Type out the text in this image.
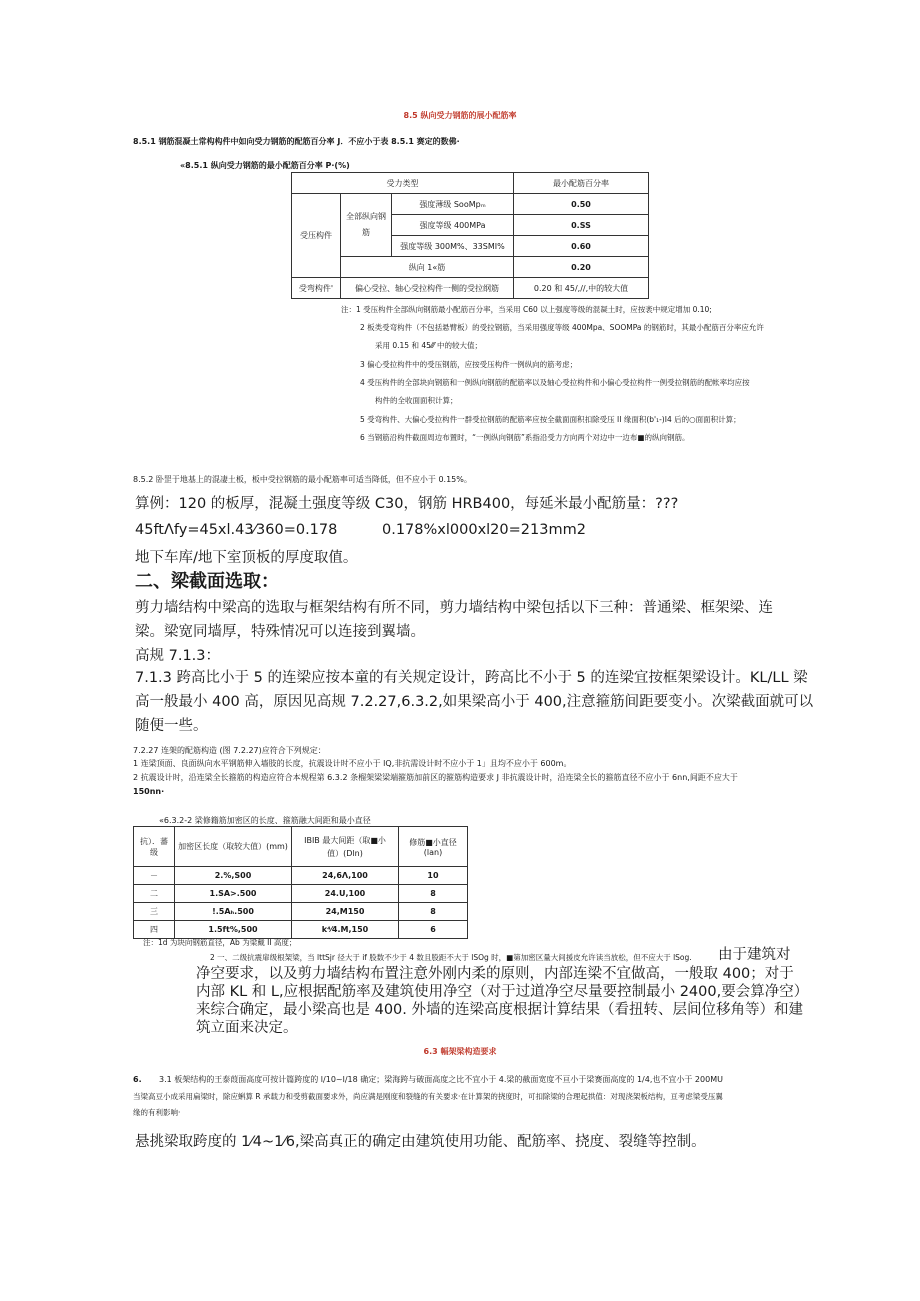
8.5 纵向受力钢筋的展小配筋率
8.5.1 钢筋混凝土常构构件中如向受力钢筋的配筋百分率 J．不应小于表 8.5.1 赛定的数佛·
«8.5.1 纵向受力钢筋的最小配筋百分率 P·(%)
受力类型			最小配筋百分率
受压构件	全部纵向钢筋	强度薄级 SooMpₘ	0.50
		强度等级 400MPa	0.SS
		强度等级 300M%、33SMI%	0.60
	纵向 1«筋		0.20
受弯构件'	偏心受拉、轴心受拉构件一侧的受拉纲筋		0.20 和 45/,//,中的较大值
注：1 受压构件全部纵向钢筋最小配筋百分率，当采用 C60 以上强度等级的混凝土时，应按袤中规定增加 0.10;
2 板类受弯构件（不包括悬臂板）的受拉钢筋，当采用强度等级 400Mpa、SOOMPa 的钢筋时，其最小配筋百分率应允许
采用 0.15 和 45⁄⁄⁄ 中的较大值；
3 偏心受拉构件中的受压钢筋，应按受压构件一例纵向的筋考虑；
4 受压构件的全部块向钢筋和一例纵向钢筋的配筋率以及轴心受拉构件和小偏心受拉构件一例受拉钢筋的配帐率均应按
构件的全收面面积计算；
5 受弯构件、大偏心受拉构件一群受拉钢筋的配筋率应按全截面面积扣除受压 II 缘面积(b'₁-)I4 后的○面面积计算；
6 当钢筋沿构件截面周边布置时，“一例纵向钢筋”系指沿受力方向两个对边中一边布■的纵向钢筋。
8.5.2 卧罡于地基上的混凄土板，板中受拉钢筋的最小配筋率可适当降低，但不应小于 0.15%。
算例：120 的板厚，混凝土强度等级 C30，钢筋 HRB400，每延米最小配筋量：???
45ftΛfy=45xl.43⁄360=0.178	0.178%xl000xl20=213mm2
地下车库/地下室顶板的厚度取值。
二、梁截面选取：
剪力墙结构中梁高的选取与框架结构有所不同，剪力墙结构中梁包括以下三种：普通梁、框架梁、连
梁。梁宽同墙厚，特殊情况可以连接到翼墙。
高规 7.1.3：
7.1.3 跨高比小于 5 的连梁应按本童的有关规定设计，跨高比不小于 5 的连梁宜按框架梁设计。KL/LL 梁
高一般最小 400 高，原因见高规 7.2.27,6.3.2,如果梁高小于 400,注意箍筋间距要变小。次梁截面就可以
随便一些。
7.2.27 连架的配筋构造 (图 7.2.27)应符合下列规定：
1 连梁顶面、良面纵向水平钢筋伸入墙肢的长度，抗震设计时不应小于 lQ,非抗需设计时不应小于 1」且均不应小于 600m。
2 抗震设计时，沿连梁全长箍筋的构造应符合本规程第 6.3.2 条榴架梁梁端箍筋加前区的箍筋构造要求 J 非抗震设计时，沿连梁全长的箍筋直径不应小于 6nn,间距不应大于
150nn·
«6.3.2-2 梁修籍筋加密区的长度、箍筋融大间距和最小直径
抗）．蕃级	加密区长度（取较大值）(mm)	IBIB 最大间距（取■小
值）(Dln)	修筋■小直径(lan)
－	2.%,S00	24,6Λ,100	10
二	1.SA>.500	24.U,100	8
三	!.5Aₕ.500	24,M150	8
四	1.5ft%,500	k⁴⁄4.M,150	6
注：1d 为块向钢筋直径，Ab 为梁戴 II 高度；
2 一、二级抗震扉级根架梁，当 lttSjr 径大于 if 股数不少于 4 数且股距不大于 lSOg 时，■第加密区量大间援皮允许读当放松，但不应大于 lSog. 由于建筑对
净空要求，以及剪力墙结构布置注意外刚内柔的原则，内部连梁不宜做高，一般取 400；对于
内部 KL 和 L,应根据配筋率及建筑使用净空（对于过道净空尽量要控制最小 2400,要会算净空）
来综合确定，最小梁高也是 400. 外墙的连梁高度根据计算结果（看扭转、层间位移角等）和建
筑立面来决定。
6.3 幅架梁构造要求
6. 3.1 板架结构的王泰葭面高度可按计篇跨度的 l∕10~l∕18 确定；梁海跨与破面高度之比不宜小于 4.梁的截面宽度不亘小于梁赛面高度的 1/4,也不宜小于 200MU
当梁高豆小成采用扁梁时，除应蝌算 R 承载力和受剪截面要求外，尚应满是刚度和裂缝的有关要求·在计算架的挠度时，可扣除梁的合理起拱值：对现浇架板结构，亘考虑梁受压翼
缘的有利影响·
悬挑梁取跨度的 1⁄4~1⁄6,梁高真正的确定由建筑使用功能、配筋率、挠度、裂缝等控制。
